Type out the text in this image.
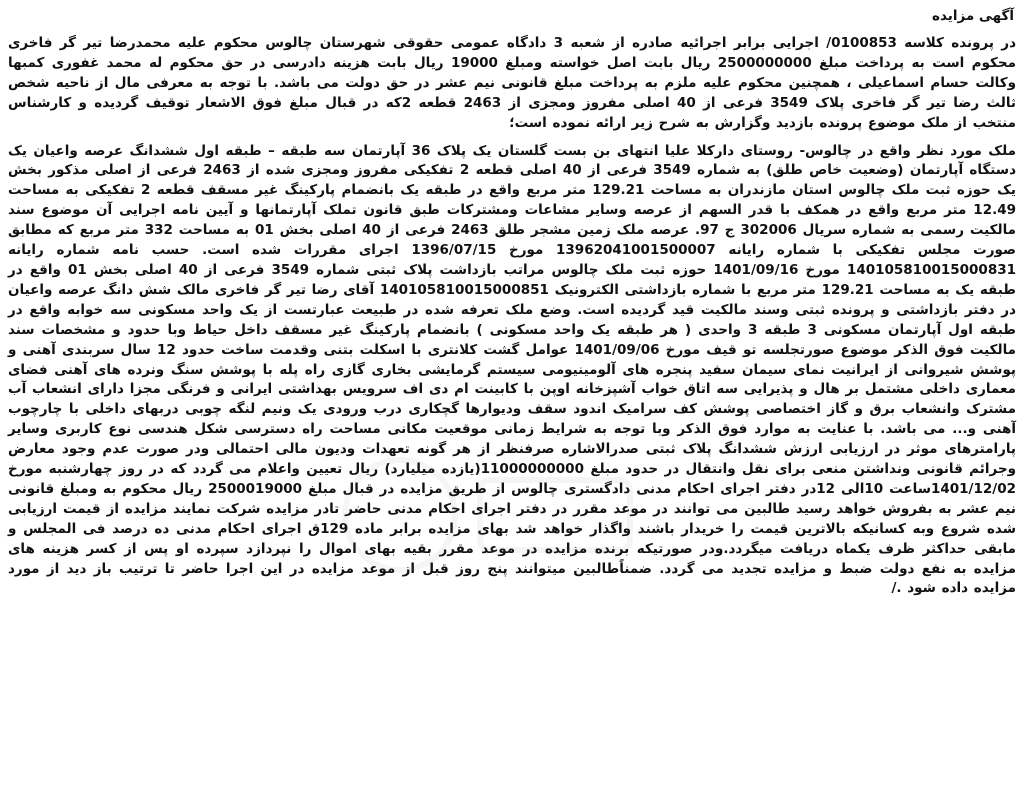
آگهی مزایده

در پرونده کلاسه 0100853/ اجرایی برابر اجرائیه صادره از شعبه 3 دادگاه عمومی حقوقی شهرستان چالوس محکوم علیه محمدرضا تیر گر فاخری محکوم است به پرداخت مبلغ 2500000000 ریال بابت اصل خواسته ومبلغ 19000 ریال بابت هزینه دادرسی در حق محکوم له محمد غفوری کمبها وکالت حسام اسماعیلی ، همچنین محکوم علیه ملزم به پرداخت مبلغ قانونی نیم عشر در حق دولت می باشد. با توجه به معرفی مال از ناحیه شخص ثالث رضا تیر گر فاخری پلاک 3549 فرعی از 40 اصلی مفروز ومجزی از 2463 قطعه 2که در قبال مبلغ فوق الاشعار توقیف گردیده و کارشناس منتخب از ملک موضوع پرونده بازدید وگزارش به شرح زیر ارائه نموده است؛

ملک مورد نظر واقع در چالوس- روستای دارکلا علیا انتهای بن بست گلستان یک پلاک 36 آپارتمان سه طبقه – طبقه اول ششدانگ عرصه واعیان یک دستگاه آپارتمان (وضعیت خاص طلق) به شماره 3549 فرعی از 40 اصلی قطعه 2 تفکیکی مفروز ومجزی شده از 2463 فرعی از اصلی مذکور بخش یک حوزه ثبت ملک چالوس استان مازندران به مساحت 129.21 متر مربع واقع در طبقه یک بانضمام پارکینگ غیر مسقف قطعه 2 تفکیکی به مساحت 12.49 متر مربع واقع در همکف با قدر السهم از عرصه وسایر مشاعات ومشترکات طبق قانون تملک آپارتمانها و آیین نامه اجرایی آن موضوع سند مالکیت رسمی به شماره سریال 302006 ج 97. عرصه ملک زمین مشجر طلق 2463 فرعی از 40 اصلی بخش 01 به مساحت 332 متر مربع که مطابق صورت مجلس تفکیکی با شماره رایانه 13962041001500007 مورخ 1396/07/15 اجرای مقررات شده است. حسب نامه شماره رایانه 140105810015000831 مورخ 1401/09/16 حوزه ثبت ملک چالوس مراتب بازداشت پلاک ثبتی شماره 3549 فرعی از 40 اصلی بخش 01 واقع در طبقه یک به مساحت 129.21 متر مربع با شماره بازداشتی الکترونیک 140105810015000851 آقای رضا تیر گر فاخری مالک شش دانگ عرصه واعیان در دفتر بازداشتی و پرونده ثبتی وسند مالکیت قید گردیده است. وضع ملک تعرفه شده در طبیعت عبارتست از یک واحد مسکونی سه خوابه واقع در طبقه اول آپارتمان مسکونی 3 طبقه 3 واحدی ( هر طبقه یک واحد مسکونی ) بانضمام پارکینگ غیر مسقف داخل حیاط وبا حدود و مشخصات سند مالکیت فوق الذکر موضوع صورتجلسه تو قیف مورخ 1401/09/06 عوامل گشت کلانتری با اسکلت بتنی وقدمت ساخت حدود 12 سال سربندی آهنی و پوشش شیروانی از ایرانیت نمای سیمان سفید پنجره های آلومینیومی سیستم گرمایشی بخاری گازی راه پله با پوشش سنگ ونرده های آهنی فضای معماری داخلی مشتمل بر هال و پذیرایی سه اتاق خواب آشپزخانه اوپن با کابینت ام دی اف سرویس بهداشتی ایرانی و فرنگی مجزا دارای انشعاب آب مشترک وانشعاب برق و گاز اختصاصی پوشش کف سرامیک اندود سقف وديوارها گچکاری درب ورودی یک ونیم لنگه چوبی دربهای داخلی با چارچوب آهنی و... می باشد. با عنایت به موارد فوق الذکر وبا توجه به شرایط زمانی موقعیت مکانی مساحت راه دسترسی شکل هندسی نوع کاربری وسایر پارامترهای موثر در ارزیابی ارزش ششدانگ پلاک ثبتی صدرالاشاره صرفنظر از هر گونه تعهدات ودیون مالی احتمالی ودر صورت عدم وجود معارض وجرائم قانونی ونداشتن منعی برای نقل وانتقال در حدود مبلغ 11000000000(یازده میلیارد) ریال تعیین واعلام می گردد که در روز چهارشنبه مورخ 1401/12/02ساعت 10الی 12در دفتر اجرای احکام مدنی دادگستری چالوس از طریق مزایده در قبال مبلغ 2500019000 ریال محکوم به ومبلغ قانونی نیم عشر به بفروش خواهد رسید طالبین می توانند در موعد مقرر در دفتر اجرای احکام مدنی حاضر تادر مزایده شرکت نمایند مزایده از قیمت ارزیابی شده شروع وبه کسانیکه بالاترین قیمت را خریدار باشند واگذار خواهد شد بهای مزایده برابر ماده 129ق اجرای احکام مدنی ده درصد فی المجلس و مابقی حداکثر ظرف یکماه دریافت میگردد.ودر صورتیکه برنده مزایده در موعد مقرر بقیه بهای اموال را نپردازد سپرده او پس از کسر هزینه های مزایده به نفع دولت ضبط و مزایده تجدید می گردد. ضمناًطالبین میتوانند پنج روز قبل از موعد مزایده در این اجرا حاضر تا ترتیب باز دید از مورد مزایده داده شود ./
